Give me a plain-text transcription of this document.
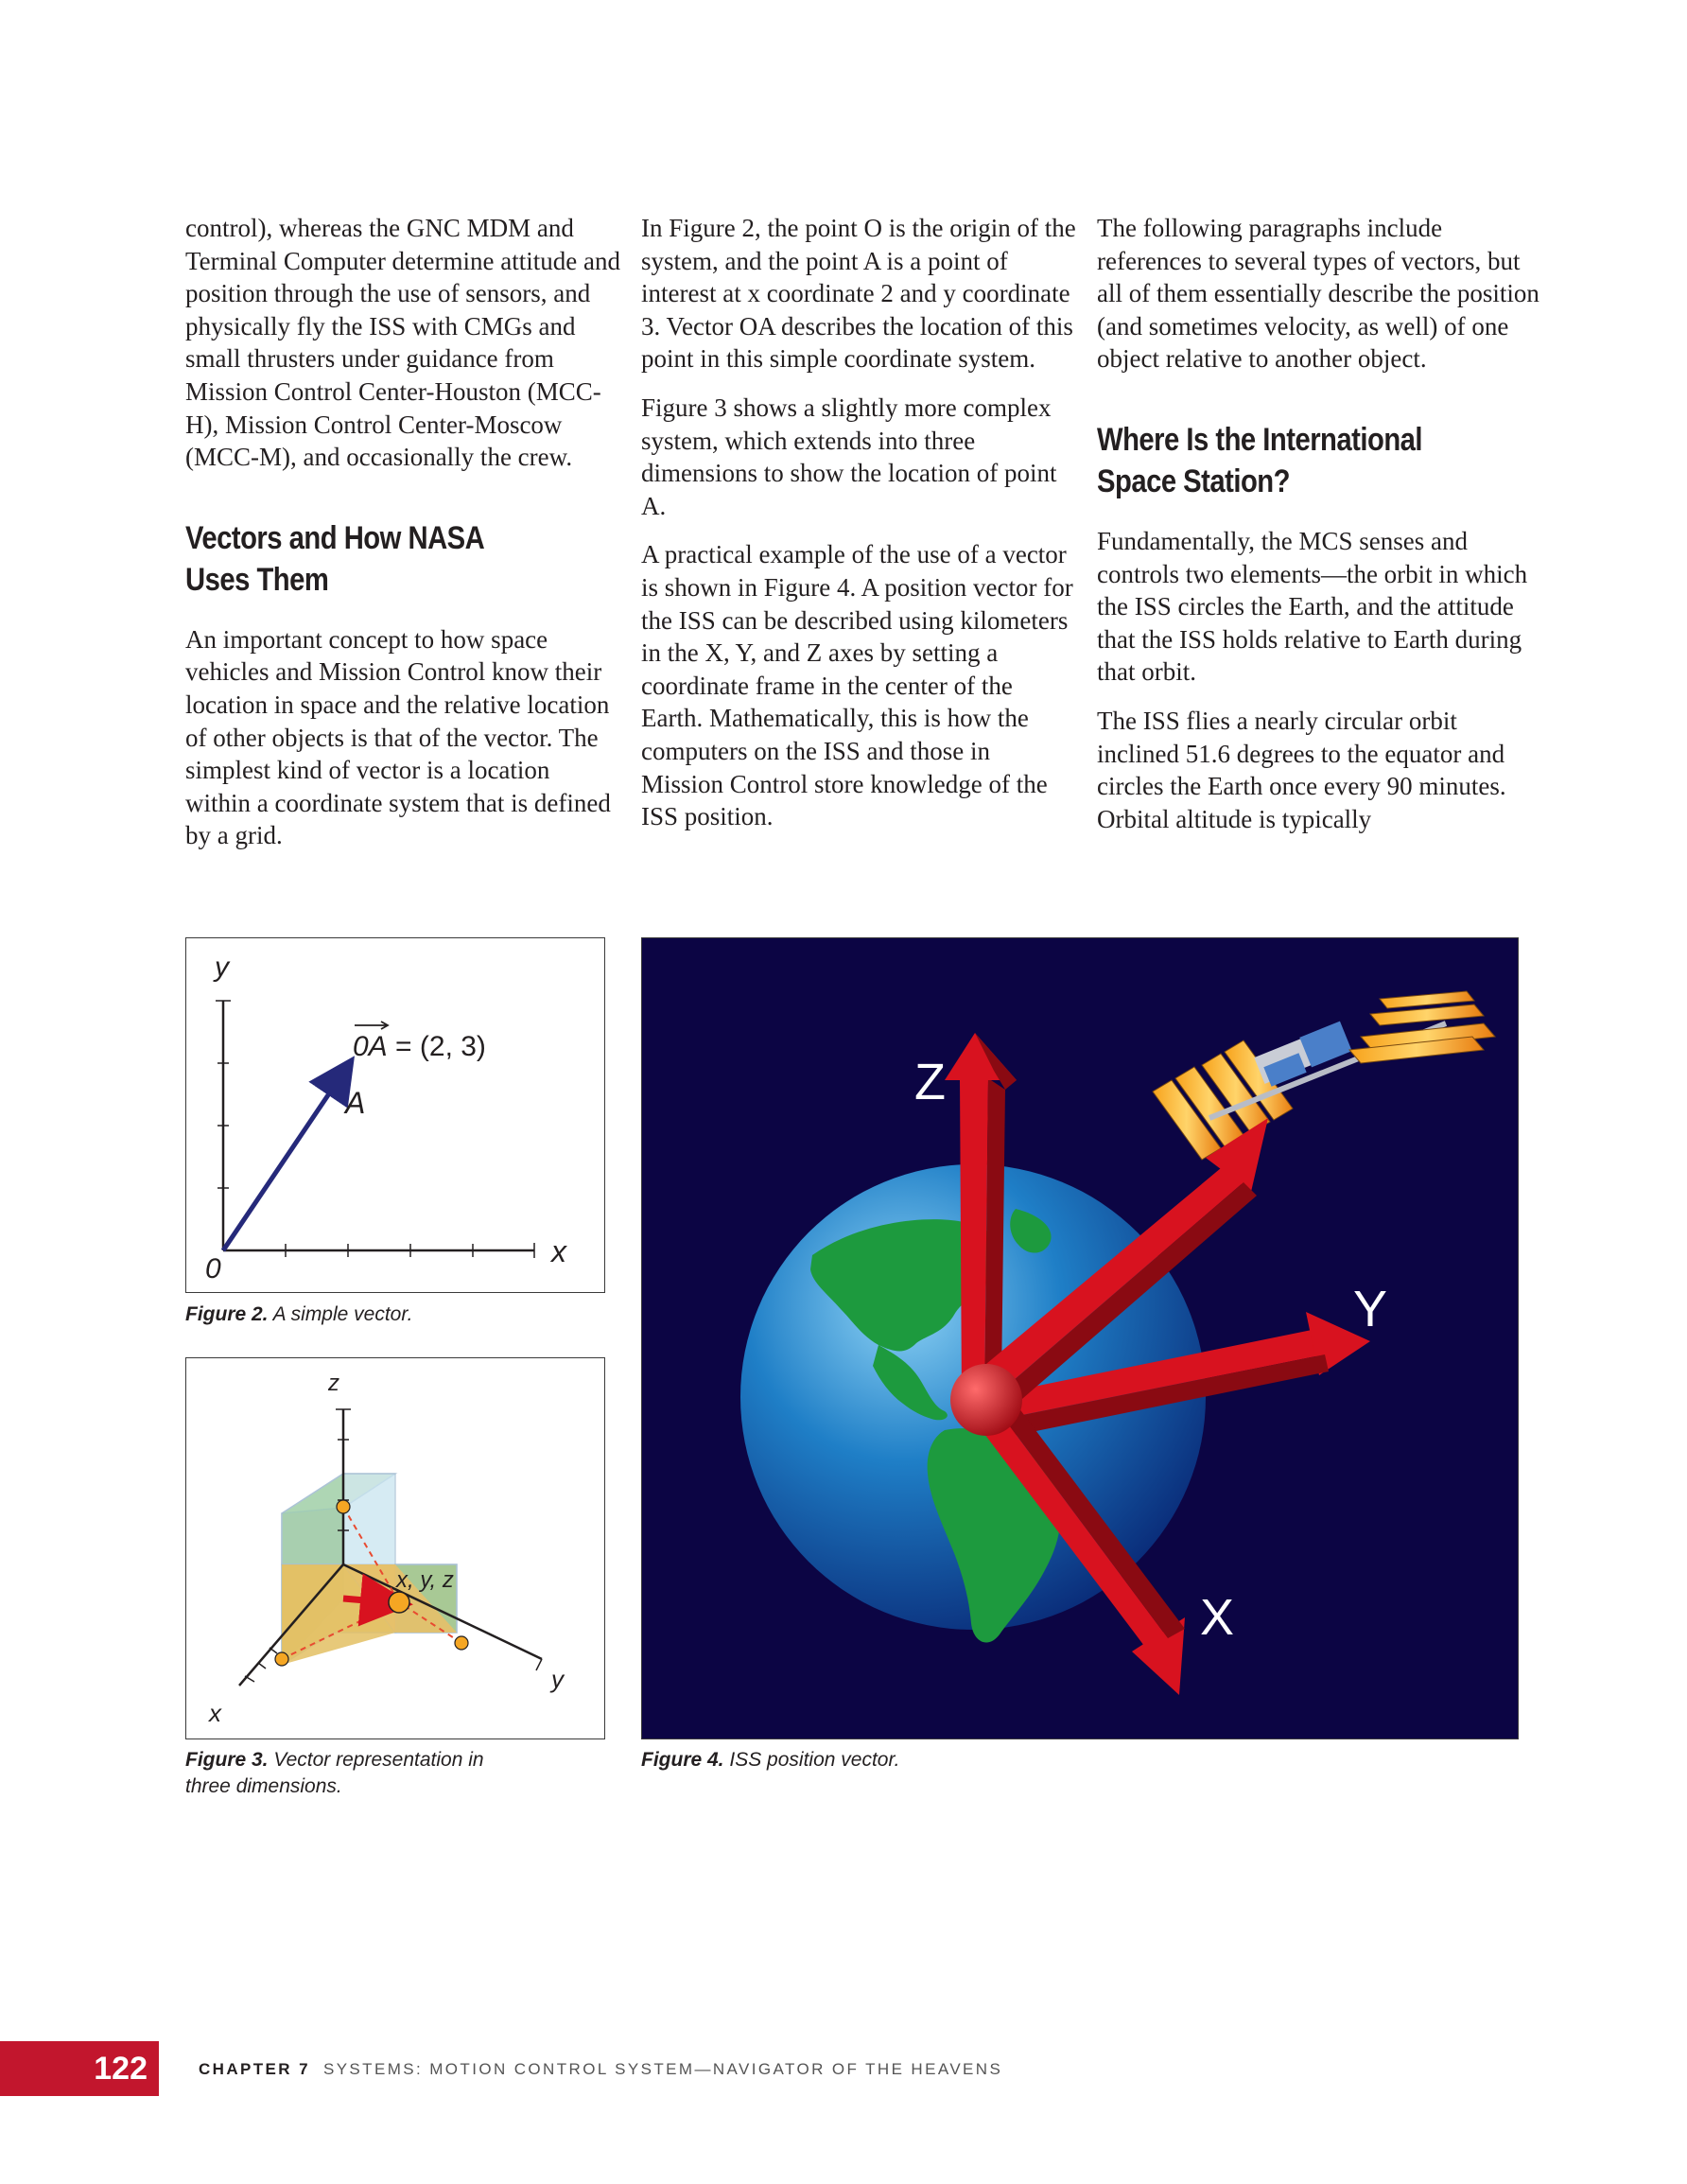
control), whereas the GNC MDM and Terminal Computer determine attitude and position through the use of sensors, and physically fly the ISS with CMGs and small thrusters under guidance from Mission Control Center-Houston (MCC-H), Mission Control Center-Moscow (MCC-M), and occasionally the crew.

Vectors and How NASA
Uses Them

An important concept to how space vehicles and Mission Control know their location in space and the relative location of other objects is that of the vector. The simplest kind of vector is a location within a coordinate system that is defined by a grid.

In Figure 2, the point O is the origin of the system, and the point A is a point of interest at x coordinate 2 and y coordinate 3. Vector OA describes the location of this point in this simple coordinate system.

Figure 3 shows a slightly more complex system, which extends into three dimensions to show the location of point A.

A practical example of the use of a vector is shown in Figure 4. A position vector for the ISS can be described using kilometers in the X, Y, and Z axes by setting a coordinate frame in the center of the Earth. Mathematically, this is how the computers on the ISS and those in Mission Control store knowledge of the ISS position.

The following paragraphs include references to several types of vectors, but all of them essentially describe the position (and sometimes velocity, as well) of one object relative to another object.

Where Is the International
Space Station?

Fundamentally, the MCS senses and controls two elements—the orbit in which the ISS circles the Earth, and the attitude that the ISS holds relative to Earth during that orbit.

The ISS flies a nearly circular orbit inclined 51.6 degrees to the equator and circles the Earth once every 90 minutes. Orbital altitude is typically

y
x
0
0A = (2, 3)
A
Figure 2. A simple vector.
z
y
x
x, y, z
Figure 3. Vector representation in three dimensions.
Z
Y
X
Figure 4. ISS position vector.
122	CHAPTER 7 SYSTEMS: MOTION CONTROL SYSTEM—NAVIGATOR OF THE HEAVENS
